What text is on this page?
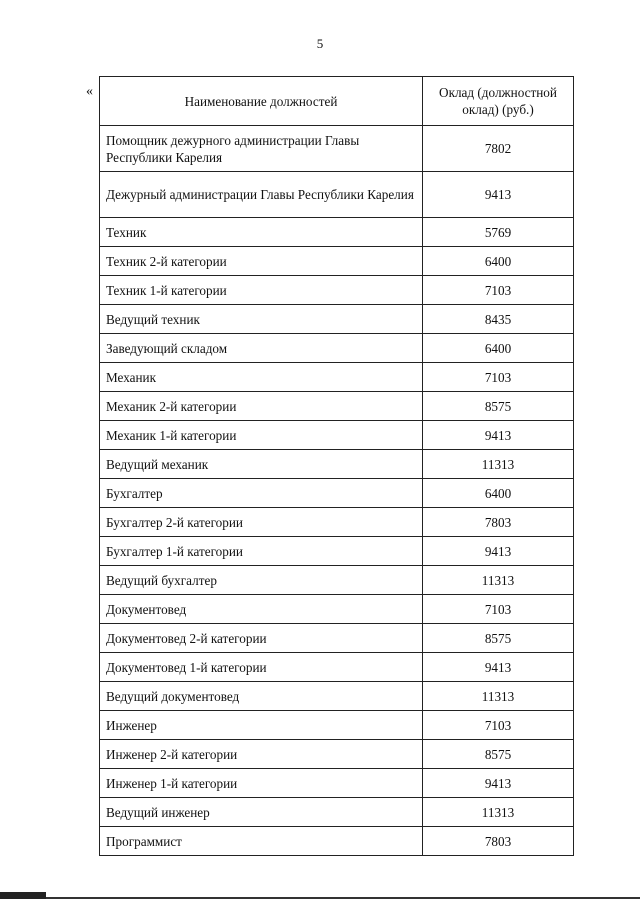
5
«
Наименование должностей	Оклад (должностной оклад) (руб.)
Помощник дежурного администрации Главы Республики Карелия	7802
Дежурный администрации Главы Республики Карелия	9413
Техник	5769
Техник 2-й категории	6400
Техник 1-й категории	7103
Ведущий техник	8435
Заведующий складом	6400
Механик	7103
Механик 2-й категории	8575
Механик 1-й категории	9413
Ведущий механик	11313
Бухгалтер	6400
Бухгалтер 2-й категории	7803
Бухгалтер 1-й категории	9413
Ведущий бухгалтер	11313
Документовед	7103
Документовед 2-й категории	8575
Документовед 1-й категории	9413
Ведущий документовед	11313
Инженер	7103
Инженер 2-й категории	8575
Инженер 1-й категории	9413
Ведущий инженер	11313
Программист	7803
